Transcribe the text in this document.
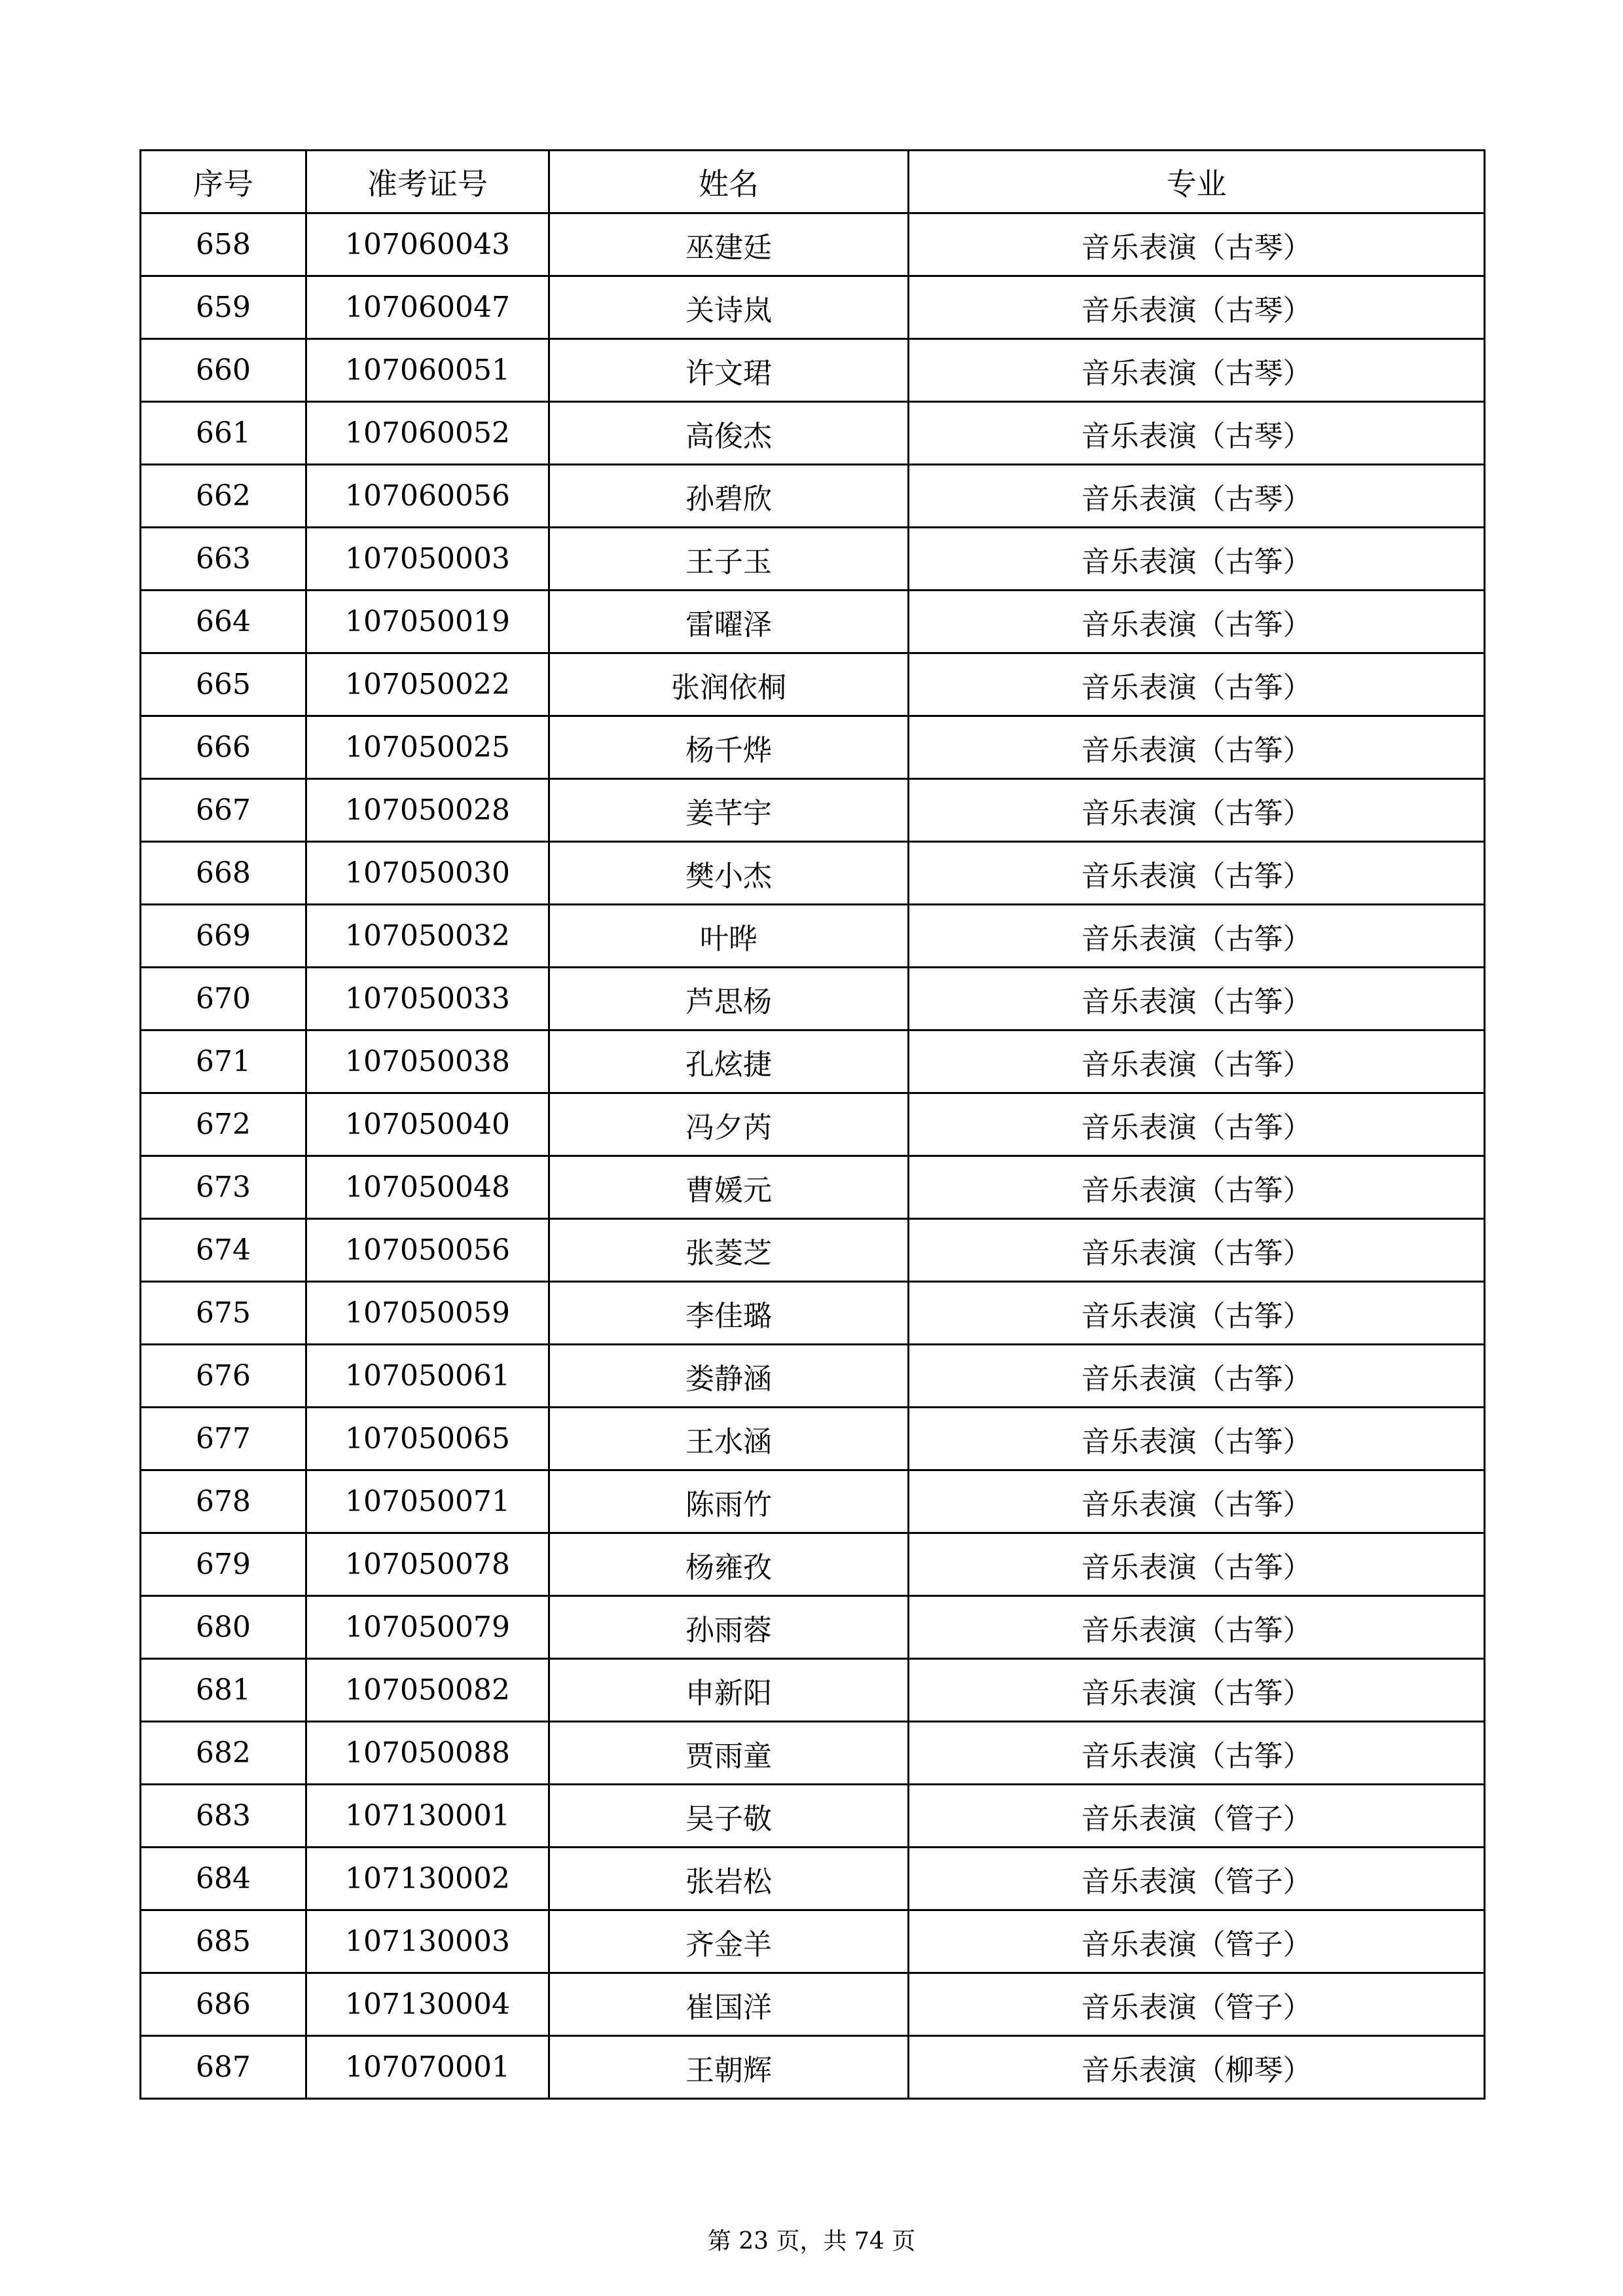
序号	准考证号	姓名	专业
658	107060043	巫建廷	音乐表演（古琴）
659	107060047	关诗岚	音乐表演（古琴）
660	107060051	许文珺	音乐表演（古琴）
661	107060052	高俊杰	音乐表演（古琴）
662	107060056	孙碧欣	音乐表演（古琴）
663	107050003	王子玉	音乐表演（古筝）
664	107050019	雷曜泽	音乐表演（古筝）
665	107050022	张润依桐	音乐表演（古筝）
666	107050025	杨千烨	音乐表演（古筝）
667	107050028	姜芊宇	音乐表演（古筝）
668	107050030	樊小杰	音乐表演（古筝）
669	107050032	叶晔	音乐表演（古筝）
670	107050033	芦思杨	音乐表演（古筝）
671	107050038	孔炫捷	音乐表演（古筝）
672	107050040	冯夕芮	音乐表演（古筝）
673	107050048	曹媛元	音乐表演（古筝）
674	107050056	张菱芝	音乐表演（古筝）
675	107050059	李佳璐	音乐表演（古筝）
676	107050061	娄静涵	音乐表演（古筝）
677	107050065	王水涵	音乐表演（古筝）
678	107050071	陈雨竹	音乐表演（古筝）
679	107050078	杨雍孜	音乐表演（古筝）
680	107050079	孙雨蓉	音乐表演（古筝）
681	107050082	申新阳	音乐表演（古筝）
682	107050088	贾雨童	音乐表演（古筝）
683	107130001	吴子敬	音乐表演（管子）
684	107130002	张岩松	音乐表演（管子）
685	107130003	齐金羊	音乐表演（管子）
686	107130004	崔国洋	音乐表演（管子）
687	107070001	王朝辉	音乐表演（柳琴）
第 23 页，共 74 页
